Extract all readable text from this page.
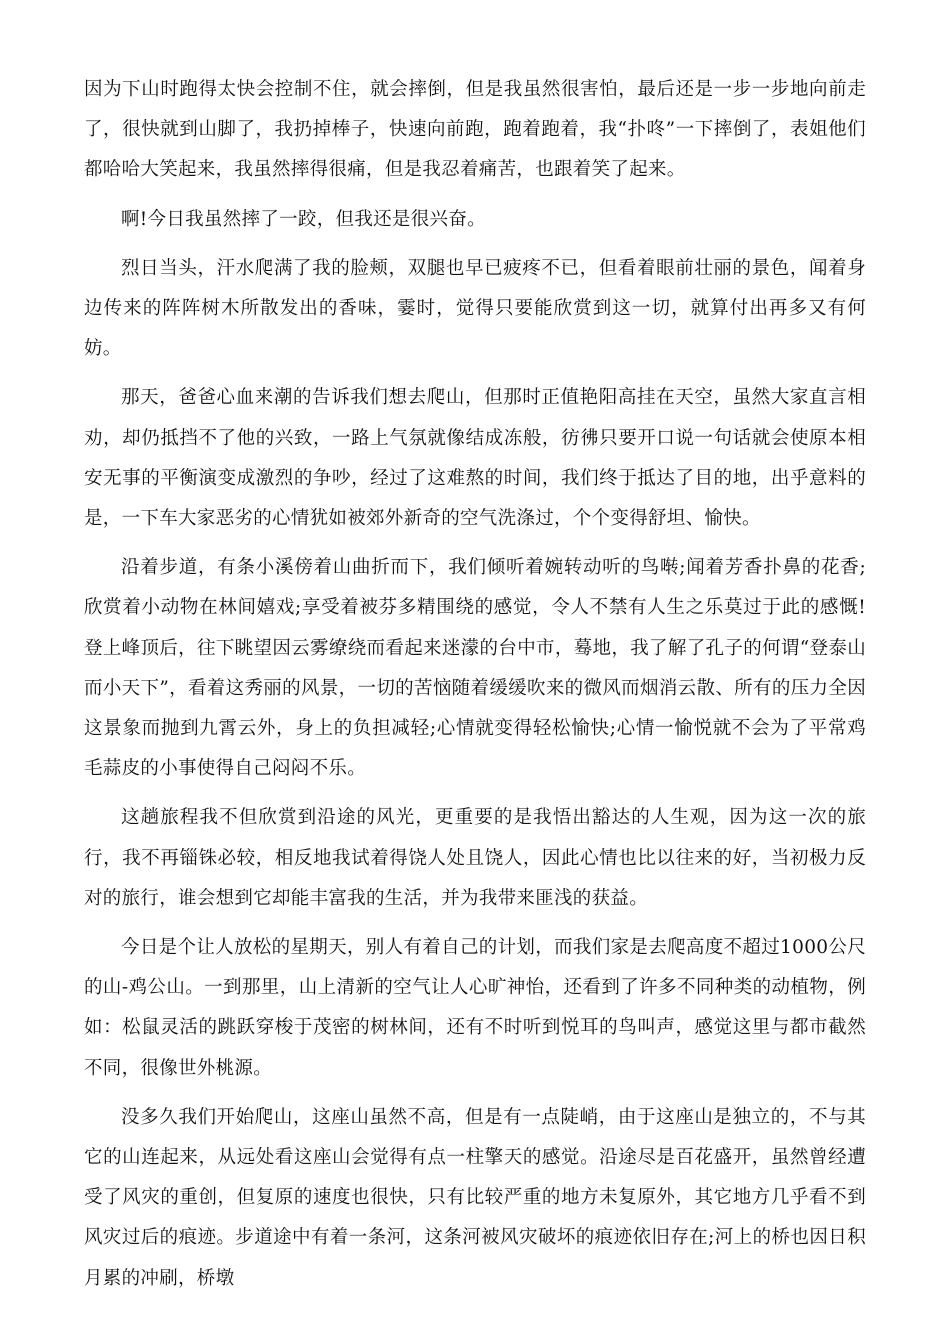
因为下山时跑得太快会控制不住，就会摔倒，但是我虽然很害怕，最后还是一步一步地向前走了，很快就到山脚了，我扔掉棒子，快速向前跑，跑着跑着，我“扑咚”一下摔倒了，表姐他们都哈哈大笑起来，我虽然摔得很痛，但是我忍着痛苦，也跟着笑了起来。

啊!今日我虽然摔了一跤，但我还是很兴奋。

烈日当头，汗水爬满了我的脸颊，双腿也早已疲疼不已，但看着眼前壮丽的景色，闻着身边传来的阵阵树木所散发出的香味，霎时，觉得只要能欣赏到这一切，就算付出再多又有何妨。

那天，爸爸心血来潮的告诉我们想去爬山，但那时正值艳阳高挂在天空，虽然大家直言相劝，却仍抵挡不了他的兴致，一路上气氛就像结成冻般，彷彿只要开口说一句话就会使原本相安无事的平衡演变成激烈的争吵，经过了这难熬的时间，我们终于抵达了目的地，出乎意料的是，一下车大家恶劣的心情犹如被郊外新奇的空气洗涤过，个个变得舒坦、愉快。

沿着步道，有条小溪傍着山曲折而下，我们倾听着婉转动听的鸟啭;闻着芳香扑鼻的花香;欣赏着小动物在林间嬉戏;享受着被芬多精围绕的感觉，令人不禁有人生之乐莫过于此的感慨!登上峰顶后，往下眺望因云雾缭绕而看起来迷濛的台中市，蓦地，我了解了孔子的何谓“登泰山而小天下”，看着这秀丽的风景，一切的苦恼随着缓缓吹来的微风而烟消云散、所有的压力全因这景象而抛到九霄云外，身上的负担减轻;心情就变得轻松愉快;心情一愉悦就不会为了平常鸡毛蒜皮的小事使得自己闷闷不乐。

这趟旅程我不但欣赏到沿途的风光，更重要的是我悟出豁达的人生观，因为这一次的旅行，我不再锱铢必较，相反地我试着得饶人处且饶人，因此心情也比以往来的好，当初极力反对的旅行，谁会想到它却能丰富我的生活，并为我带来匪浅的获益。

今日是个让人放松的星期天，别人有着自己的计划，而我们家是去爬高度不超过1000公尺的山-鸡公山。一到那里，山上清新的空气让人心旷神怡，还看到了许多不同种类的动植物，例如：松鼠灵活的跳跃穿梭于茂密的树林间，还有不时听到悦耳的鸟叫声，感觉这里与都市截然不同，很像世外桃源。

没多久我们开始爬山，这座山虽然不高，但是有一点陡峭，由于这座山是独立的，不与其它的山连起来，从远处看这座山会觉得有点一柱擎天的感觉。沿途尽是百花盛开，虽然曾经遭受了风灾的重创，但复原的速度也很快，只有比较严重的地方未复原外，其它地方几乎看不到风灾过后的痕迹。步道途中有着一条河，这条河被风灾破坏的痕迹依旧存在;河上的桥也因日积月累的冲刷，桥墩
